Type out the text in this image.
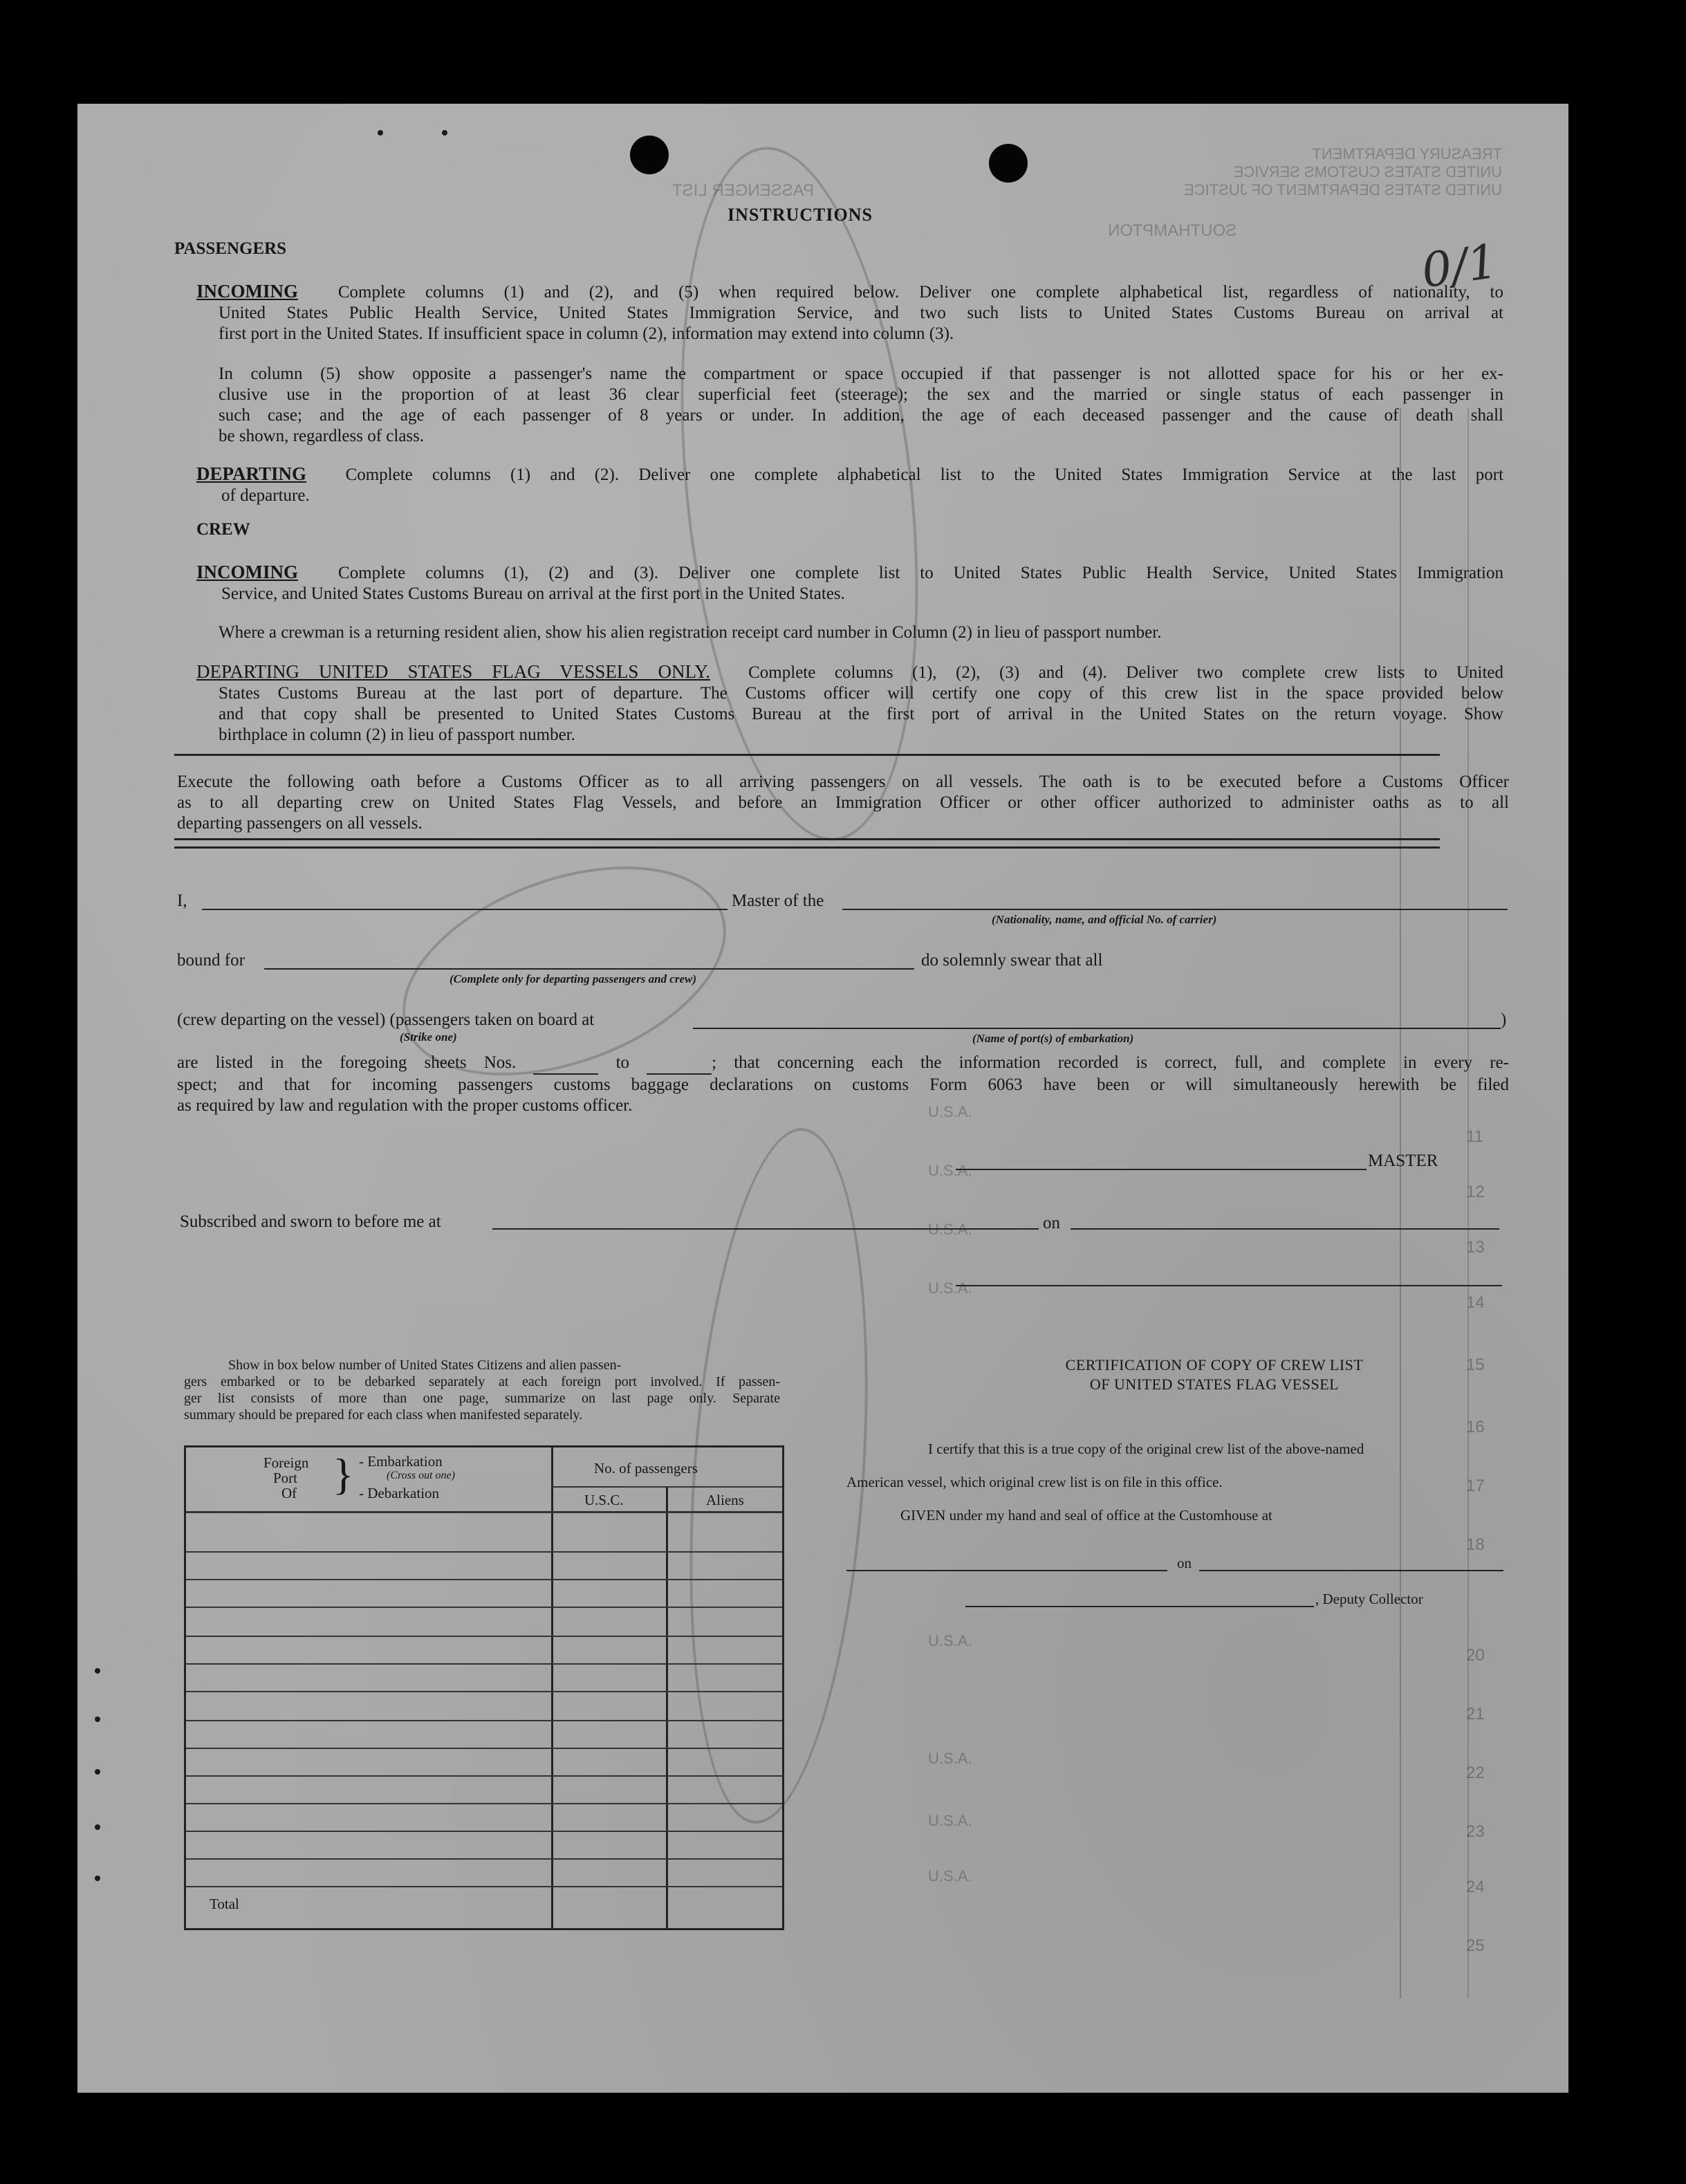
TREASURY DEPARTMENT
UNITED STATES CUSTOMS SERVICE
UNITED STATES DEPARTMENT OF JUSTICE
PASSENGER LIST
SOUTHAMPTON
11
12
13
14
15
16
17
18
20
21
22
23
24
25
U.S.A.
U.S.A.
U.S.A.
U.S.A.
U.S.A.
U.S.A.
U.S.A.
U.S.A.
0/1
INSTRUCTIONS
PASSENGERS
INCOMING Complete columns (1) and (2), and (5) when required below. Deliver one complete alphabetical list, regardless of nationality, to
United States Public Health Service, United States Immigration Service, and two such lists to United States Customs Bureau on arrival at
first port in the United States. If insufficient space in column (2), information may extend into column (3).
In column (5) show opposite a passenger's name the compartment or space occupied if that passenger is not allotted space for his or her ex-
clusive use in the proportion of at least 36 clear superficial feet (steerage); the sex and the married or single status of each passenger in
such case; and the age of each passenger of 8 years or under. In addition, the age of each deceased passenger and the cause of death shall
be shown, regardless of class.
DEPARTING Complete columns (1) and (2). Deliver one complete alphabetical list to the United States Immigration Service at the last port
of departure.
CREW
INCOMING Complete columns (1), (2) and (3). Deliver one complete list to United States Public Health Service, United States Immigration
Service, and United States Customs Bureau on arrival at the first port in the United States.
Where a crewman is a returning resident alien, show his alien registration receipt card number in Column (2) in lieu of passport number.
DEPARTING UNITED STATES FLAG VESSELS ONLY. Complete columns (1), (2), (3) and (4). Deliver two complete crew lists to United
States Customs Bureau at the last port of departure. The Customs officer will certify one copy of this crew list in the space provided below
and that copy shall be presented to United States Customs Bureau at the first port of arrival in the United States on the return voyage. Show
birthplace in column (2) in lieu of passport number.
Execute the following oath before a Customs Officer as to all arriving passengers on all vessels. The oath is to be executed before a Customs Officer
as to all departing crew on United States Flag Vessels, and before an Immigration Officer or other officer authorized to administer oaths as to all
departing passengers on all vessels.
I,	Master of the
(Nationality, name, and official No. of carrier)
bound for
(Complete only for departing passengers and crew)
do solemnly swear that all
(crew departing on the vessel) (passengers taken on board at
(Strike one)
)
(Name of port(s) of embarkation)
are listed in the foregoing sheets Nos.	to	; that concerning each the information recorded is correct, full, and complete in every re-
spect; and that for incoming passengers customs baggage declarations on customs Form 6063 have been or will simultaneously herewith be filed
as required by law and regulation with the proper customs officer.
MASTER
Subscribed and sworn to before me at	on
Show in box below number of United States Citizens and alien passen-
gers embarked or to be debarked separately at each foreign port involved. If passen-
ger list consists of more than one page, summarize on last page only. Separate
summary should be prepared for each class when manifested separately.
Foreign
Port
Of } - Embarkation
(Cross out one)
- Debarkation
No. of passengers
U.S.C.	Aliens
Total
CERTIFICATION OF COPY OF CREW LIST
OF UNITED STATES FLAG VESSEL
I certify that this is a true copy of the original crew list of the above-named
American vessel, which original crew list is on file in this office.
GIVEN under my hand and seal of office at the Customhouse at
on
, Deputy Collector
